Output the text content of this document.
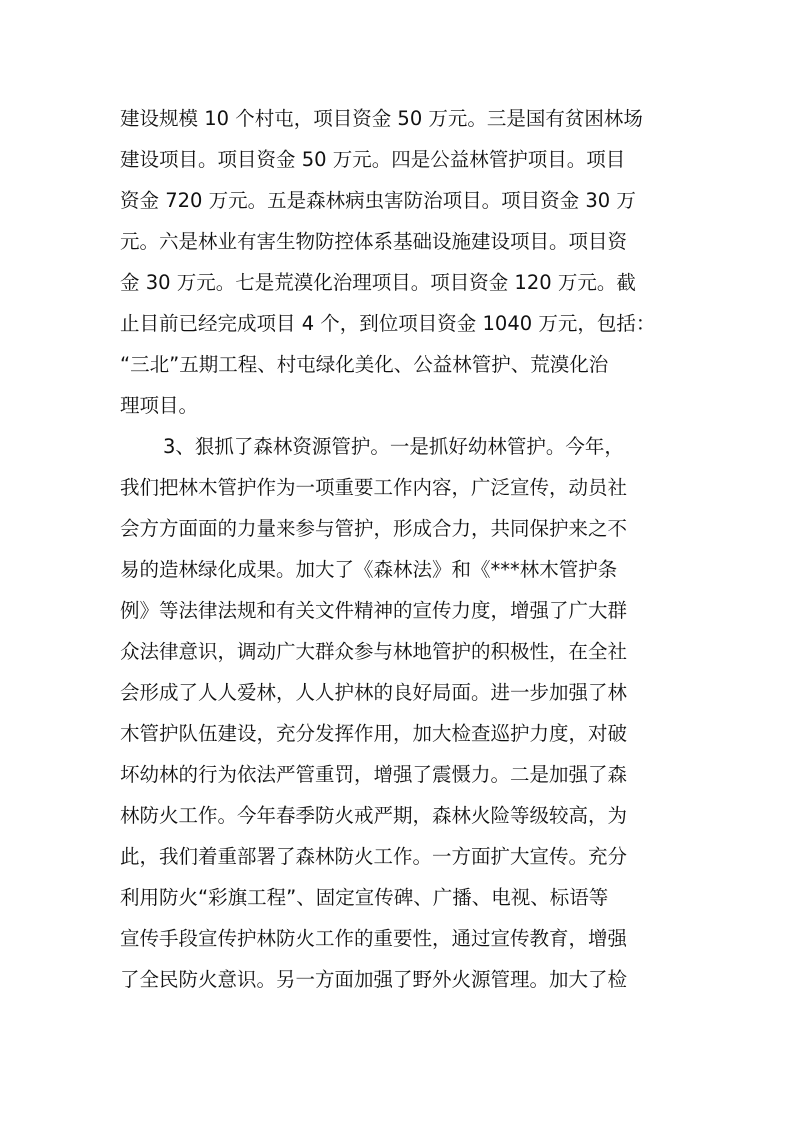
建设规模 10 个村屯，项目资金 50 万元。三是国有贫困林场
建设项目。项目资金 50 万元。四是公益林管护项目。项目
资金 720 万元。五是森林病虫害防治项目。项目资金 30 万
元。六是林业有害生物防控体系基础设施建设项目。项目资
金 30 万元。七是荒漠化治理项目。项目资金 120 万元。截
止目前已经完成项目 4 个，到位项目资金 1040 万元，包括：
“三北”五期工程、村屯绿化美化、公益林管护、荒漠化治
理项目。
3、狠抓了森林资源管护。一是抓好幼林管护。今年，
我们把林木管护作为一项重要工作内容，广泛宣传，动员社
会方方面面的力量来参与管护，形成合力，共同保护来之不
易的造林绿化成果。加大了《森林法》和《***林木管护条
例》等法律法规和有关文件精神的宣传力度，增强了广大群
众法律意识，调动广大群众参与林地管护的积极性，在全社
会形成了人人爱林，人人护林的良好局面。进一步加强了林
木管护队伍建设，充分发挥作用，加大检查巡护力度，对破
坏幼林的行为依法严管重罚，增强了震慑力。二是加强了森
林防火工作。今年春季防火戒严期，森林火险等级较高，为
此，我们着重部署了森林防火工作。一方面扩大宣传。充分
利用防火“彩旗工程”、固定宣传碑、广播、电视、标语等
宣传手段宣传护林防火工作的重要性，通过宣传教育，增强
了全民防火意识。另一方面加强了野外火源管理。加大了检
